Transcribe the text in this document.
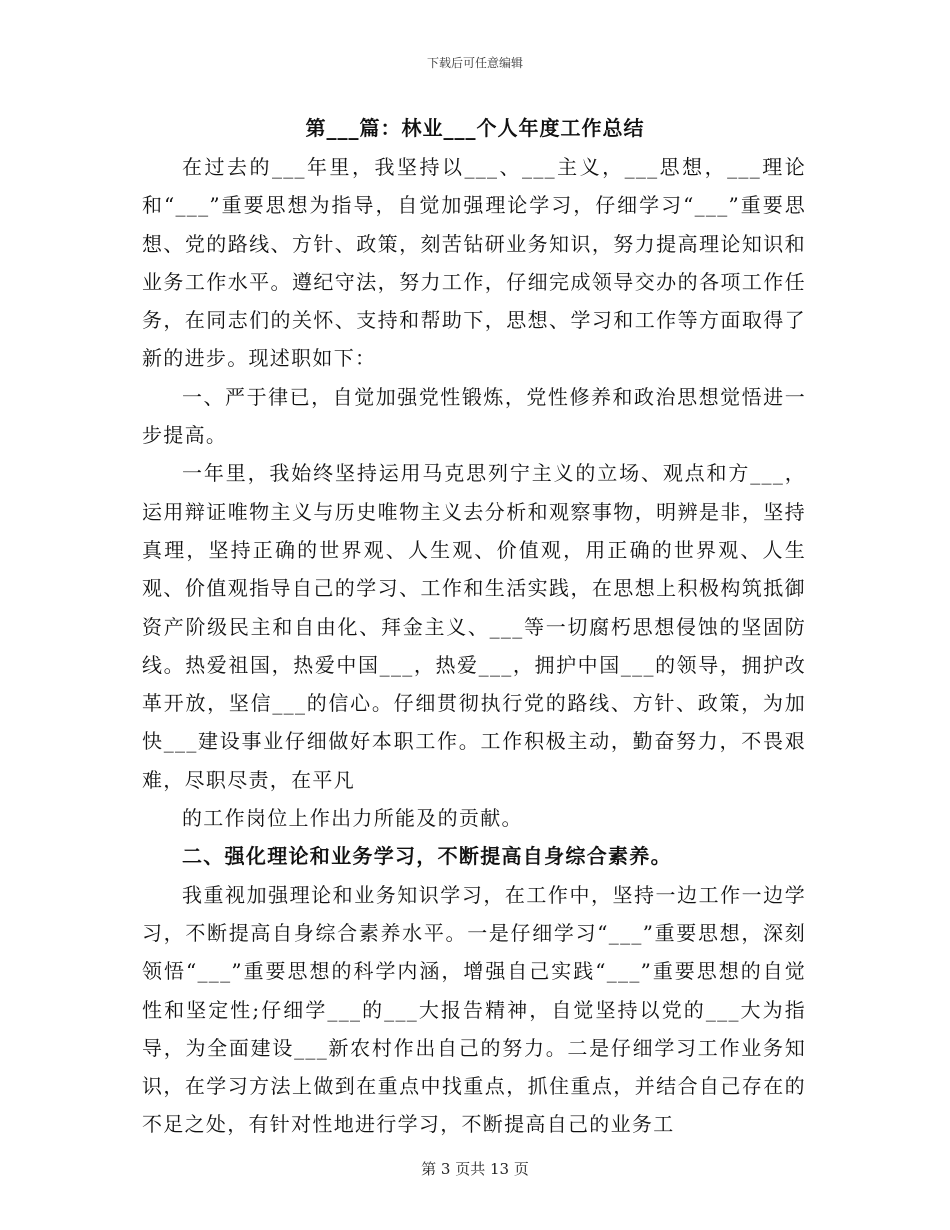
下载后可任意编辑
第___篇：林业___个人年度工作总结

在过去的___年里，我坚持以___、___主义，___思想，___理论和“___”重要思想为指导，自觉加强理论学习，仔细学习“___”重要思想、党的路线、方针、政策，刻苦钻研业务知识，努力提高理论知识和业务工作水平。遵纪守法，努力工作，仔细完成领导交办的各项工作任务，在同志们的关怀、支持和帮助下，思想、学习和工作等方面取得了新的进步。现述职如下：

一、严于律已，自觉加强党性锻炼，党性修养和政治思想觉悟进一步提高。

一年里，我始终坚持运用马克思列宁主义的立场、观点和方___，运用辩证唯物主义与历史唯物主义去分析和观察事物，明辨是非，坚持真理，坚持正确的世界观、人生观、价值观，用正确的世界观、人生观、价值观指导自己的学习、工作和生活实践，在思想上积极构筑抵御资产阶级民主和自由化、拜金主义、___等一切腐朽思想侵蚀的坚固防线。热爱祖国，热爱中国___，热爱___，拥护中国___的领导，拥护改革开放，坚信___的信心。仔细贯彻执行党的路线、方针、政策，为加快___建设事业仔细做好本职工作。工作积极主动，勤奋努力，不畏艰难，尽职尽责，在平凡

的工作岗位上作出力所能及的贡献。

二、强化理论和业务学习，不断提高自身综合素养。

我重视加强理论和业务知识学习，在工作中，坚持一边工作一边学习，不断提高自身综合素养水平。一是仔细学习“___”重要思想，深刻领悟“___”重要思想的科学内涵，增强自己实践“___”重要思想的自觉性和坚定性;仔细学___的___大报告精神，自觉坚持以党的___大为指导，为全面建设___新农村作出自己的努力。二是仔细学习工作业务知识，在学习方法上做到在重点中找重点，抓住重点，并结合自己存在的不足之处，有针对性地进行学习，不断提高自己的业务工

第 3 页共 13 页
